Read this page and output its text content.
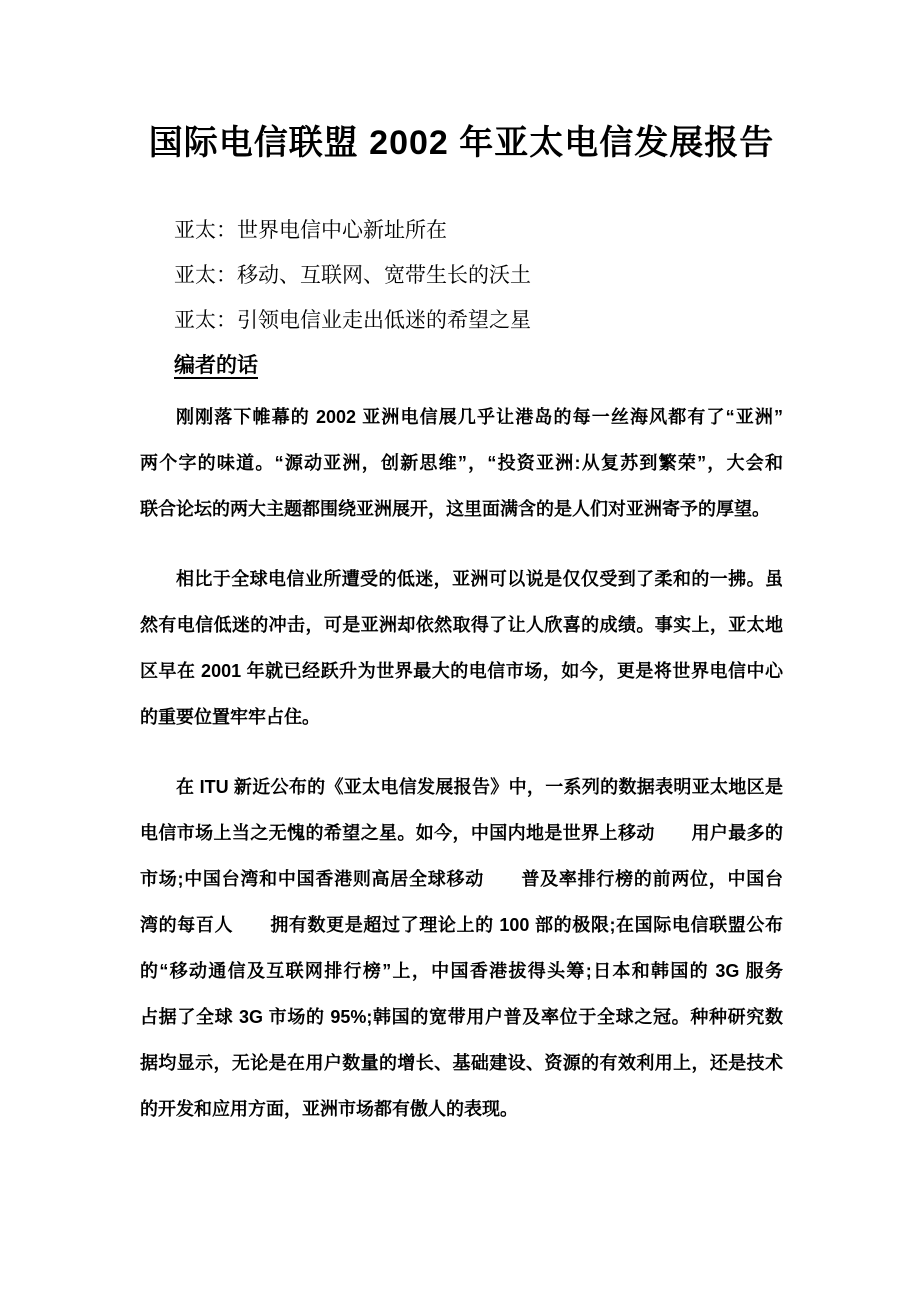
国际电信联盟 2002 年亚太电信发展报告
亚太：世界电信中心新址所在
亚太：移动、互联网、宽带生长的沃土
亚太：引领电信业走出低迷的希望之星
编者的话

刚刚落下帷幕的 2002 亚洲电信展几乎让港岛的每一丝海风都有了“亚洲”
两个字的味道。“源动亚洲，创新思维”，“投资亚洲:从复苏到繁荣”，大会和
联合论坛的两大主题都围绕亚洲展开，这里面满含的是人们对亚洲寄予的厚望。

相比于全球电信业所遭受的低迷，亚洲可以说是仅仅受到了柔和的一拂。虽
然有电信低迷的冲击，可是亚洲却依然取得了让人欣喜的成绩。事实上，亚太地
区早在 2001 年就已经跃升为世界最大的电信市场，如今，更是将世界电信中心
的重要位置牢牢占住。

在 ITU 新近公布的《亚太电信发展报告》中，一系列的数据表明亚太地区是
电信市场上当之无愧的希望之星。如今，中国内地是世界上移动　　用户最多的
市场;中国台湾和中国香港则高居全球移动　　普及率排行榜的前两位，中国台
湾的每百人　　拥有数更是超过了理论上的 100 部的极限;在国际电信联盟公布
的“移动通信及互联网排行榜”上，中国香港拔得头筹;日本和韩国的 3G 服务
占据了全球 3G 市场的 95%;韩国的宽带用户普及率位于全球之冠。种种研究数
据均显示，无论是在用户数量的增长、基础建设、资源的有效利用上，还是技术
的开发和应用方面，亚洲市场都有傲人的表现。
